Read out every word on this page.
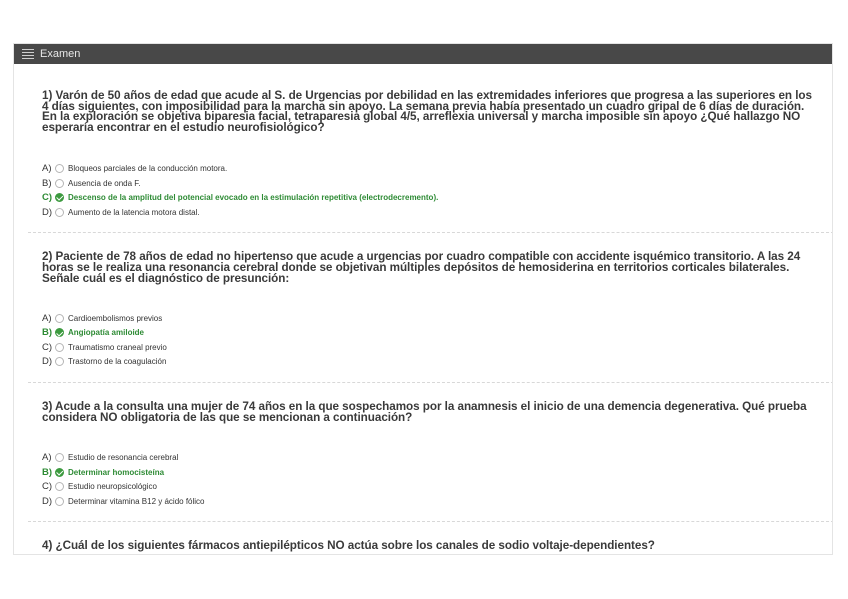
Examen

1) Varón de 50 años de edad que acude al S. de Urgencias por debilidad en las extremidades inferiores que progresa a las superiores en los 4 días siguientes, con imposibilidad para la marcha sin apoyo. La semana previa había presentado un cuadro gripal de 6 días de duración. En la exploración se objetiva biparesia facial, tetraparesia global 4/5, arreflexia universal y marcha imposible sin apoyo ¿Qué hallazgo NO esperaría encontrar en el estudio neurofisiológico?

A)	Bloqueos parciales de la conducción motora.
B)	Ausencia de onda F.
C)	Descenso de la amplitud del potencial evocado en la estimulación repetitiva (electrodecremento).
D)	Aumento de la latencia motora distal.

2) Paciente de 78 años de edad no hipertenso que acude a urgencias por cuadro compatible con accidente isquémico transitorio. A las 24 horas se le realiza una resonancia cerebral donde se objetivan múltiples depósitos de hemosiderina en territorios corticales bilaterales. Señale cuál es el diagnóstico de presunción:

A)	Cardioembolismos previos
B)	Angiopatía amiloide
C)	Traumatismo craneal previo
D)	Trastorno de la coagulación

3) Acude a la consulta una mujer de 74 años en la que sospechamos por la anamnesis el inicio de una demencia degenerativa. Qué prueba considera NO obligatoria de las que se mencionan a continuación?

A)	Estudio de resonancia cerebral
B)	Determinar homocisteína
C)	Estudio neuropsicológico
D)	Determinar vitamina B12 y ácido fólico

4) ¿Cuál de los siguientes fármacos antiepilépticos NO actúa sobre los canales de sodio voltaje-dependientes?
